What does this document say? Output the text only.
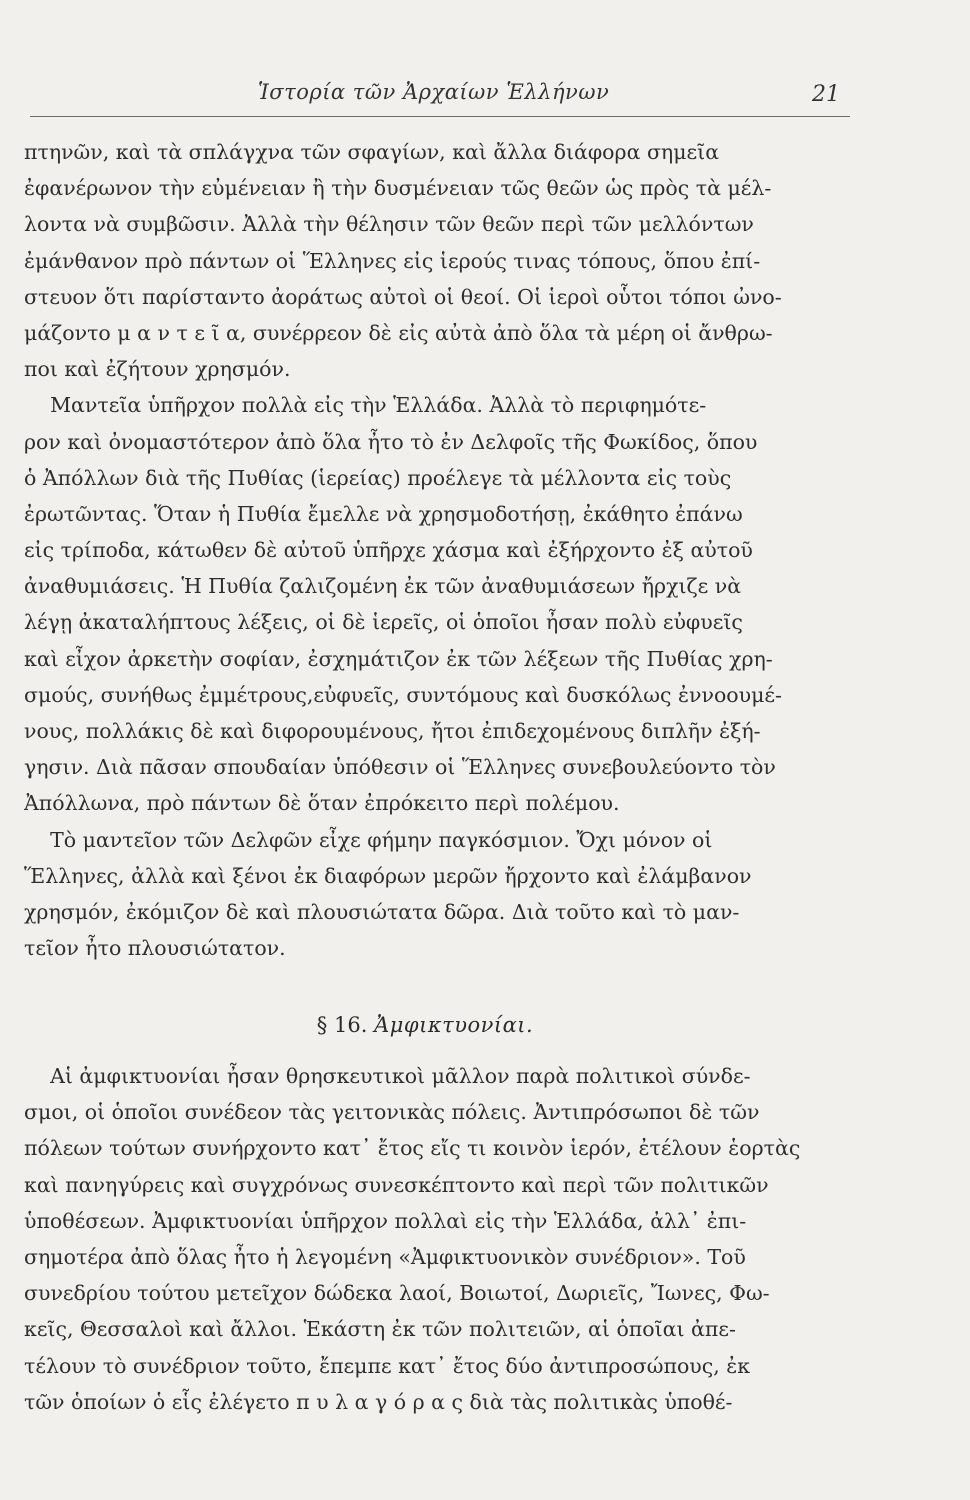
Ἱστορία τῶν Ἀρχαίων Ἑλλήνων	21
πτηνῶν, καὶ τὰ σπλάγχνα τῶν σφαγίων, καὶ ἄλλα διάφορα σημεῖα
ἐφανέρωνον τὴν εὐμένειαν ἢ τὴν δυσμένειαν τῶς θεῶν ὡς πρὸς τὰ μέλ-
λοντα νὰ συμβῶσιν. Ἀλλὰ τὴν θέλησιν τῶν θεῶν περὶ τῶν μελλόντων
ἐμάνθανον πρὸ πάντων οἱ Ἕλληνες εἰς ἱερούς τινας τόπους, ὅπου ἐπί-
στευον ὅτι παρίσταντο ἀοράτως αὐτοὶ οἱ θεοί. Οἱ ἱεροὶ οὗτοι τόποι ὠνο-
μάζοντο μ α ν τ ε ῖ α, συνέρρεον δὲ εἰς αὐτὰ ἀπὸ ὅλα τὰ μέρη οἱ ἄνθρω-
ποι καὶ ἐζήτουν χρησμόν.
Μαντεῖα ὑπῆρχον πολλὰ εἰς τὴν Ἑλλάδα. Ἀλλὰ τὸ περιφημότε-
ρον καὶ ὀνομαστότερον ἀπὸ ὅλα ἦτο τὸ ἐν Δελφοῖς τῆς Φωκίδος, ὅπου
ὁ Ἀπόλλων διὰ τῆς Πυθίας (ἱερείας) προέλεγε τὰ μέλλοντα εἰς τοὺς
ἐρωτῶντας. Ὅταν ἡ Πυθία ἔμελλε νὰ χρησμοδοτήσῃ, ἐκάθητο ἐπάνω
εἰς τρίποδα, κάτωθεν δὲ αὐτοῦ ὑπῆρχε χάσμα καὶ ἐξήρχοντο ἐξ αὐτοῦ
ἀναθυμιάσεις. Ἡ Πυθία ζαλιζομένη ἐκ τῶν ἀναθυμιάσεων ἤρχιζε νὰ
λέγῃ ἀκαταλήπτους λέξεις, οἱ δὲ ἱερεῖς, οἱ ὁποῖοι ἦσαν πολὺ εὐφυεῖς
καὶ εἶχον ἀρκετὴν σοφίαν, ἐσχημάτιζον ἐκ τῶν λέξεων τῆς Πυθίας χρη-
σμούς, συνήθως ἐμμέτρους,εὐφυεῖς, συντόμους καὶ δυσκόλως ἐννοουμέ-
νους, πολλάκις δὲ καὶ διφορουμένους, ἤτοι ἐπιδεχομένους διπλῆν ἐξή-
γησιν. Διὰ πᾶσαν σπουδαίαν ὑπόθεσιν οἱ Ἕλληνες συνεβουλεύοντο τὸν
Ἀπόλλωνα, πρὸ πάντων δὲ ὅταν ἐπρόκειτο περὶ πολέμου.
Τὸ μαντεῖον τῶν Δελφῶν εἶχε φήμην παγκόσμιον. Ὄχι μόνον οἱ
Ἕλληνες, ἀλλὰ καὶ ξένοι ἐκ διαφόρων μερῶν ἤρχοντο καὶ ἐλάμβανον
χρησμόν, ἐκόμιζον δὲ καὶ πλουσιώτατα δῶρα. Διὰ τοῦτο καὶ τὸ μαν-
τεῖον ἦτο πλουσιώτατον.
§ 16. Ἀμφικτυονίαι.
Αἱ ἀμφικτυονίαι ἦσαν θρησκευτικοὶ μᾶλλον παρὰ πολιτικοὶ σύνδε-
σμοι, οἱ ὁποῖοι συνέδεον τὰς γειτονικὰς πόλεις. Ἀντιπρόσωποι δὲ τῶν
πόλεων τούτων συνήρχοντο κατ᾽ ἔτος εἴς τι κοινὸν ἱερόν, ἐτέλουν ἑορτὰς
καὶ πανηγύρεις καὶ συγχρόνως συνεσκέπτοντο καὶ περὶ τῶν πολιτικῶν
ὑποθέσεων. Ἀμφικτυονίαι ὑπῆρχον πολλαὶ εἰς τὴν Ἑλλάδα, ἀλλ᾽ ἐπι-
σημοτέρα ἀπὸ ὅλας ἦτο ἡ λεγομένη «Ἀμφικτυονικὸν συνέδριον». Τοῦ
συνεδρίου τούτου μετεῖχον δώδεκα λαοί, Βοιωτοί, Δωριεῖς, Ἴωνες, Φω-
κεῖς, Θεσσαλοὶ καὶ ἄλλοι. Ἑκάστη ἐκ τῶν πολιτειῶν, αἱ ὁποῖαι ἀπε-
τέλουν τὸ συνέδριον τοῦτο, ἔπεμπε κατ᾽ ἔτος δύο ἀντιπροσώπους, ἐκ
τῶν ὁποίων ὁ εἷς ἐλέγετο π υ λ α γ ό ρ α ς διὰ τὰς πολιτικὰς ὑποθέ-
